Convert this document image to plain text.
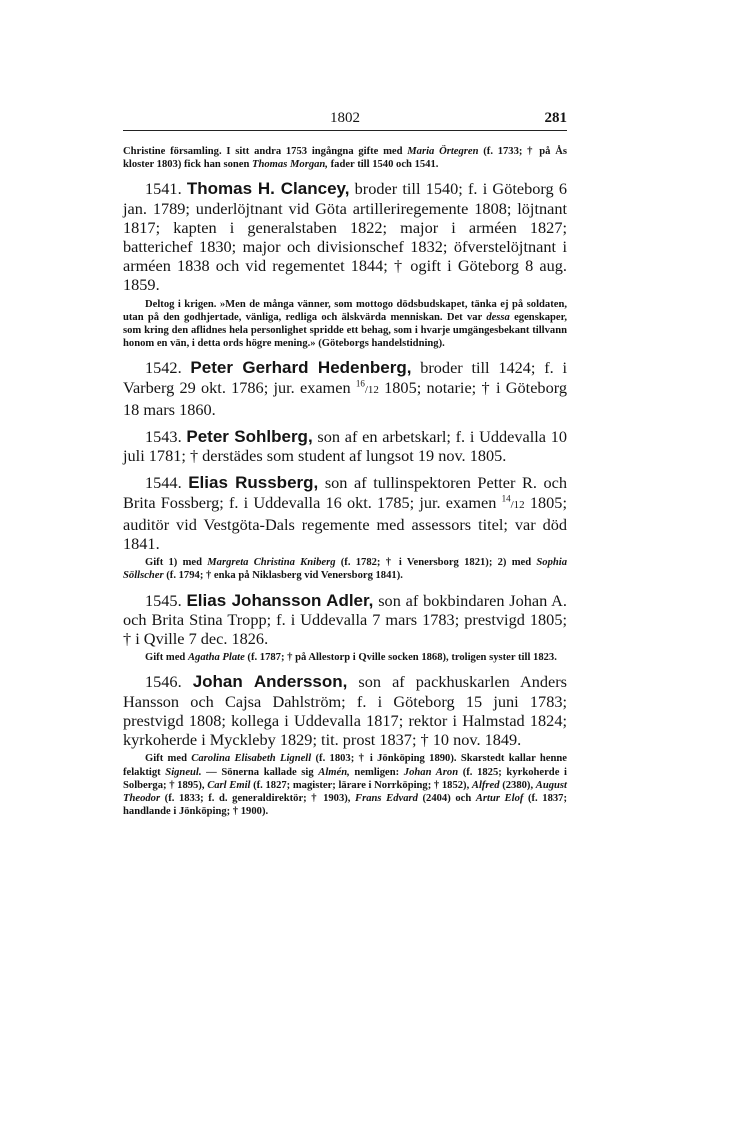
1802	281

Christine församling. I sitt andra 1753 ingångna gifte med Maria Örtegren (f. 1733; † på Ås kloster 1803) fick han sonen Thomas Morgan, fader till 1540 och 1541.

1541. Thomas H. Clancey, broder till 1540; f. i Göteborg 6 jan. 1789; underlöjtnant vid Göta artilleriregemente 1808; löjtnant 1817; kapten i generalstaben 1822; major i arméen 1827; batterichef 1830; major och divisionschef 1832; öfverstelöjtnant i arméen 1838 och vid regementet 1844; † ogift i Göteborg 8 aug. 1859.

Deltog i krigen. »Men de många vänner, som mottogo dödsbudskapet, tänka ej på soldaten, utan på den godhjertade, vänliga, redliga och älskvärda menniskan. Det var dessa egenskaper, som kring den aflidnes hela personlighet spridde ett behag, som i hvarje umgängesbekant tillvann honom en vän, i detta ords högre mening.» (Göteborgs handelstidning).

1542. Peter Gerhard Hedenberg, broder till 1424; f. i Varberg 29 okt. 1786; jur. examen $^{16}$/12 1805; notarie; † i Göteborg 18 mars 1860.

1543. Peter Sohlberg, son af en arbetskarl; f. i Uddevalla 10 juli 1781; † derstädes som student af lungsot 19 nov. 1805.

1544. Elias Russberg, son af tullinspektoren Petter R. och Brita Fossberg; f. i Uddevalla 16 okt. 1785; jur. examen $^{14}$/12 1805; auditör vid Vestgöta-Dals regemente med assessors titel; var död 1841.

Gift 1) med Margreta Christina Kniberg (f. 1782; † i Venersborg 1821); 2) med Sophia Söllscher (f. 1794; † enka på Niklasberg vid Venersborg 1841).

1545. Elias Johansson Adler, son af bokbindaren Johan A. och Brita Stina Tropp; f. i Uddevalla 7 mars 1783; prestvigd 1805; † i Qville 7 dec. 1826.

Gift med Agatha Plate (f. 1787; † på Allestorp i Qville socken 1868), troligen syster till 1823.

1546. Johan Andersson, son af packhuskarlen Anders Hansson och Cajsa Dahlström; f. i Göteborg 15 juni 1783; prestvigd 1808; kollega i Uddevalla 1817; rektor i Halmstad 1824; kyrkoherde i Myckleby 1829; tit. prost 1837; † 10 nov. 1849.

Gift med Carolina Elisabeth Lignell (f. 1803; † i Jönköping 1890). Skarstedt kallar henne felaktigt Signeul. — Sönerna kallade sig Almén, nemligen: Johan Aron (f. 1825; kyrkoherde i Solberga; † 1895), Carl Emil (f. 1827; magister; lärare i Norrköping; † 1852), Alfred (2380), August Theodor (f. 1833; f. d. generaldirektör; † 1903), Frans Edvard (2404) och Artur Elof (f. 1837; handlande i Jönköping; † 1900).
